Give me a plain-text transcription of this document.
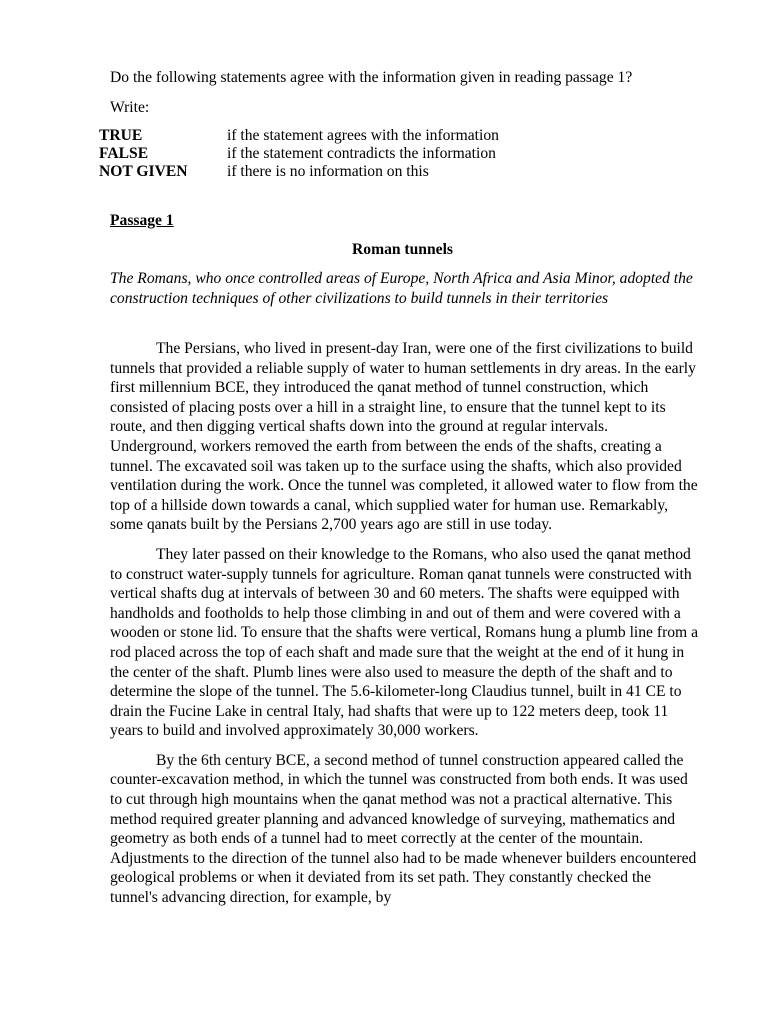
Do the following statements agree with the information given in reading passage 1?
Write:
TRUE	if the statement agrees with the information
FALSE	if the statement contradicts the information
NOT GIVEN	if there is no information on this
Passage 1
Roman tunnels
The Romans, who once controlled areas of Europe, North Africa and Asia Minor, adopted the construction techniques of other civilizations to build tunnels in their territories

The Persians, who lived in present-day Iran, were one of the first civilizations to build tunnels that provided a reliable supply of water to human settlements in dry areas. In the early first millennium BCE, they introduced the qanat method of tunnel construction, which consisted of placing posts over a hill in a straight line, to ensure that the tunnel kept to its route, and then digging vertical shafts down into the ground at regular intervals. Underground, workers removed the earth from between the ends of the shafts, creating a tunnel. The excavated soil was taken up to the surface using the shafts, which also provided ventilation during the work. Once the tunnel was completed, it allowed water to flow from the top of a hillside down towards a canal, which supplied water for human use. Remarkably, some qanats built by the Persians 2,700 years ago are still in use today.

They later passed on their knowledge to the Romans, who also used the qanat method to construct water-supply tunnels for agriculture. Roman qanat tunnels were constructed with vertical shafts dug at intervals of between 30 and 60 meters. The shafts were equipped with handholds and footholds to help those climbing in and out of them and were covered with a wooden or stone lid. To ensure that the shafts were vertical, Romans hung a plumb line from a rod placed across the top of each shaft and made sure that the weight at the end of it hung in the center of the shaft. Plumb lines were also used to measure the depth of the shaft and to determine the slope of the tunnel. The 5.6-kilometer-long Claudius tunnel, built in 41 CE to drain the Fucine Lake in central Italy, had shafts that were up to 122 meters deep, took 11 years to build and involved approximately 30,000 workers.

By the 6th century BCE, a second method of tunnel construction appeared called the counter-excavation method, in which the tunnel was constructed from both ends. It was used to cut through high mountains when the qanat method was not a practical alternative. This method required greater planning and advanced knowledge of surveying, mathematics and geometry as both ends of a tunnel had to meet correctly at the center of the mountain. Adjustments to the direction of the tunnel also had to be made whenever builders encountered geological problems or when it deviated from its set path. They constantly checked the tunnel's advancing direction, for example, by
